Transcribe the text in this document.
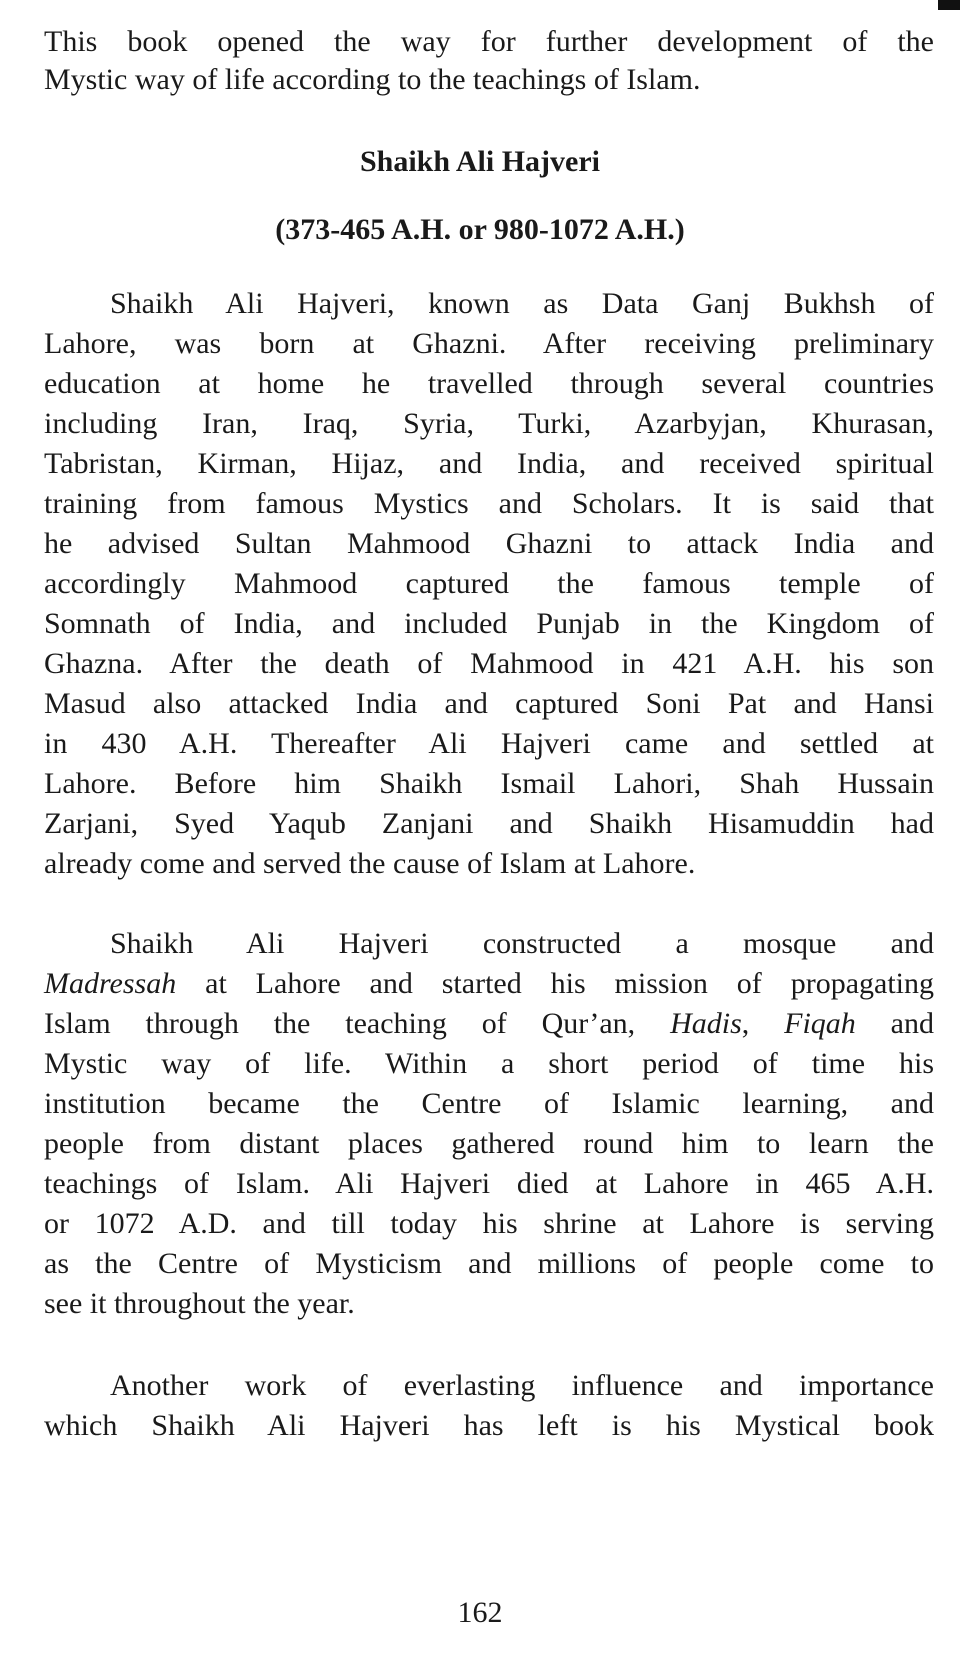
This book opened the way for further development of the
Mystic way of life according to the teachings of Islam.
Shaikh Ali Hajveri
(373-465 A.H. or 980-1072 A.H.)
Shaikh Ali Hajveri, known as Data Ganj Bukhsh of
Lahore, was born at Ghazni. After receiving preliminary
education at home he travelled through several countries
including Iran, Iraq, Syria, Turki, Azarbyjan, Khurasan,
Tabristan, Kirman, Hijaz, and India, and received spiritual
training from famous Mystics and Scholars. It is said that
he advised Sultan Mahmood Ghazni to attack India and
accordingly Mahmood captured the famous temple of
Somnath of India, and included Punjab in the Kingdom of
Ghazna. After the death of Mahmood in 421 A.H. his son
Masud also attacked India and captured Soni Pat and Hansi
in 430 A.H. Thereafter Ali Hajveri came and settled at
Lahore. Before him Shaikh Ismail Lahori, Shah Hussain
Zarjani, Syed Yaqub Zanjani and Shaikh Hisamuddin had
already come and served the cause of Islam at Lahore.
Shaikh Ali Hajveri constructed a mosque and
Madressah at Lahore and started his mission of propagating
Islam through the teaching of Qur’an, Hadis, Fiqah and
Mystic way of life. Within a short period of time his
institution became the Centre of Islamic learning, and
people from distant places gathered round him to learn the
teachings of Islam. Ali Hajveri died at Lahore in 465 A.H.
or 1072 A.D. and till today his shrine at Lahore is serving
as the Centre of Mysticism and millions of people come to
see it throughout the year.
Another work of everlasting influence and importance
which Shaikh Ali Hajveri has left is his Mystical book
162
